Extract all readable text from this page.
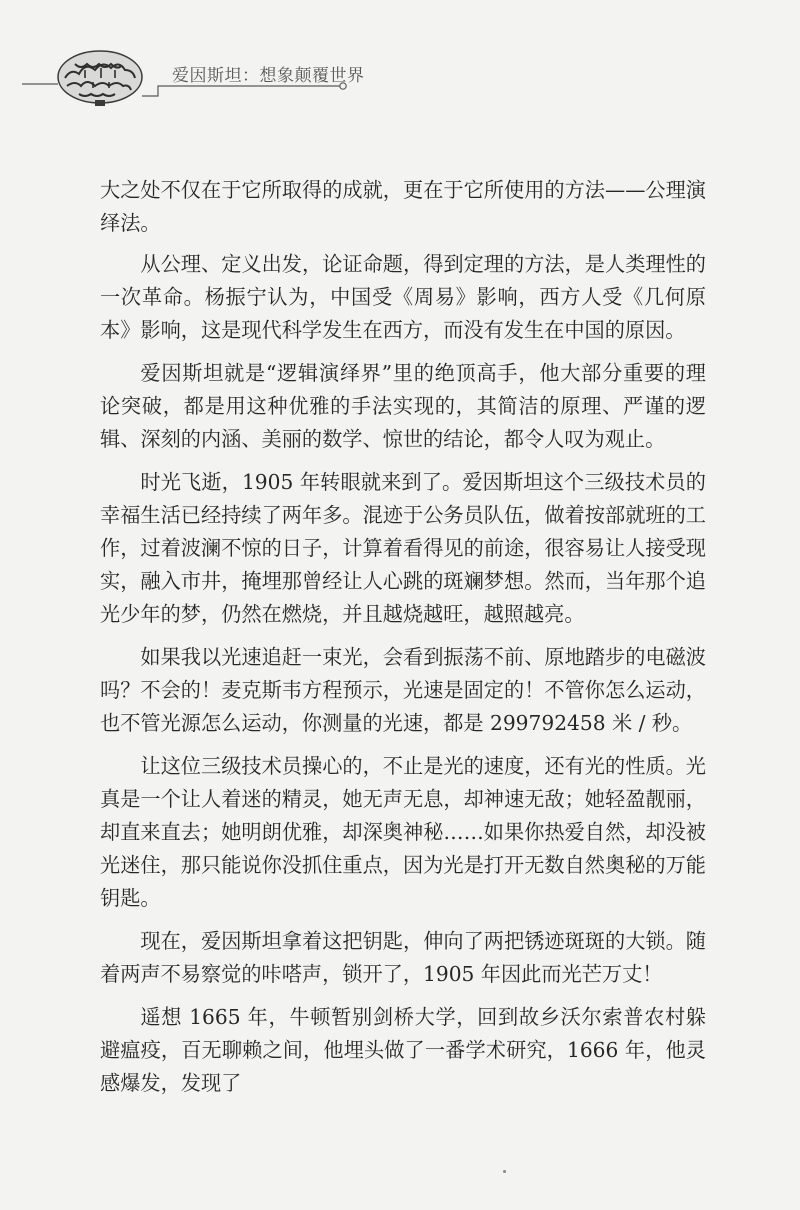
爱因斯坦：想象颠覆世界

大之处不仅在于它所取得的成就，更在于它所使用的方法——公理演绎法。

从公理、定义出发，论证命题，得到定理的方法，是人类理性的一次革命。杨振宁认为，中国受《周易》影响，西方人受《几何原本》影响，这是现代科学发生在西方，而没有发生在中国的原因。

爱因斯坦就是“逻辑演绎界”里的绝顶高手，他大部分重要的理论突破，都是用这种优雅的手法实现的，其简洁的原理、严谨的逻辑、深刻的内涵、美丽的数学、惊世的结论，都令人叹为观止。

时光飞逝，1905 年转眼就来到了。爱因斯坦这个三级技术员的幸福生活已经持续了两年多。混迹于公务员队伍，做着按部就班的工作，过着波澜不惊的日子，计算着看得见的前途，很容易让人接受现实，融入市井，掩埋那曾经让人心跳的斑斓梦想。然而，当年那个追光少年的梦，仍然在燃烧，并且越烧越旺，越照越亮。

如果我以光速追赶一束光，会看到振荡不前、原地踏步的电磁波吗？不会的！麦克斯韦方程预示，光速是固定的！不管你怎么运动，也不管光源怎么运动，你测量的光速，都是 299792458 米 / 秒。

让这位三级技术员操心的，不止是光的速度，还有光的性质。光真是一个让人着迷的精灵，她无声无息，却神速无敌；她轻盈靓丽，却直来直去；她明朗优雅，却深奥神秘……如果你热爱自然，却没被光迷住，那只能说你没抓住重点，因为光是打开无数自然奥秘的万能钥匙。

现在，爱因斯坦拿着这把钥匙，伸向了两把锈迹斑斑的大锁。随着两声不易察觉的咔嗒声，锁开了，1905 年因此而光芒万丈！

遥想 1665 年，牛顿暂别剑桥大学，回到故乡沃尔索普农村躲避瘟疫，百无聊赖之间，他埋头做了一番学术研究，1666 年，他灵感爆发，发现了
